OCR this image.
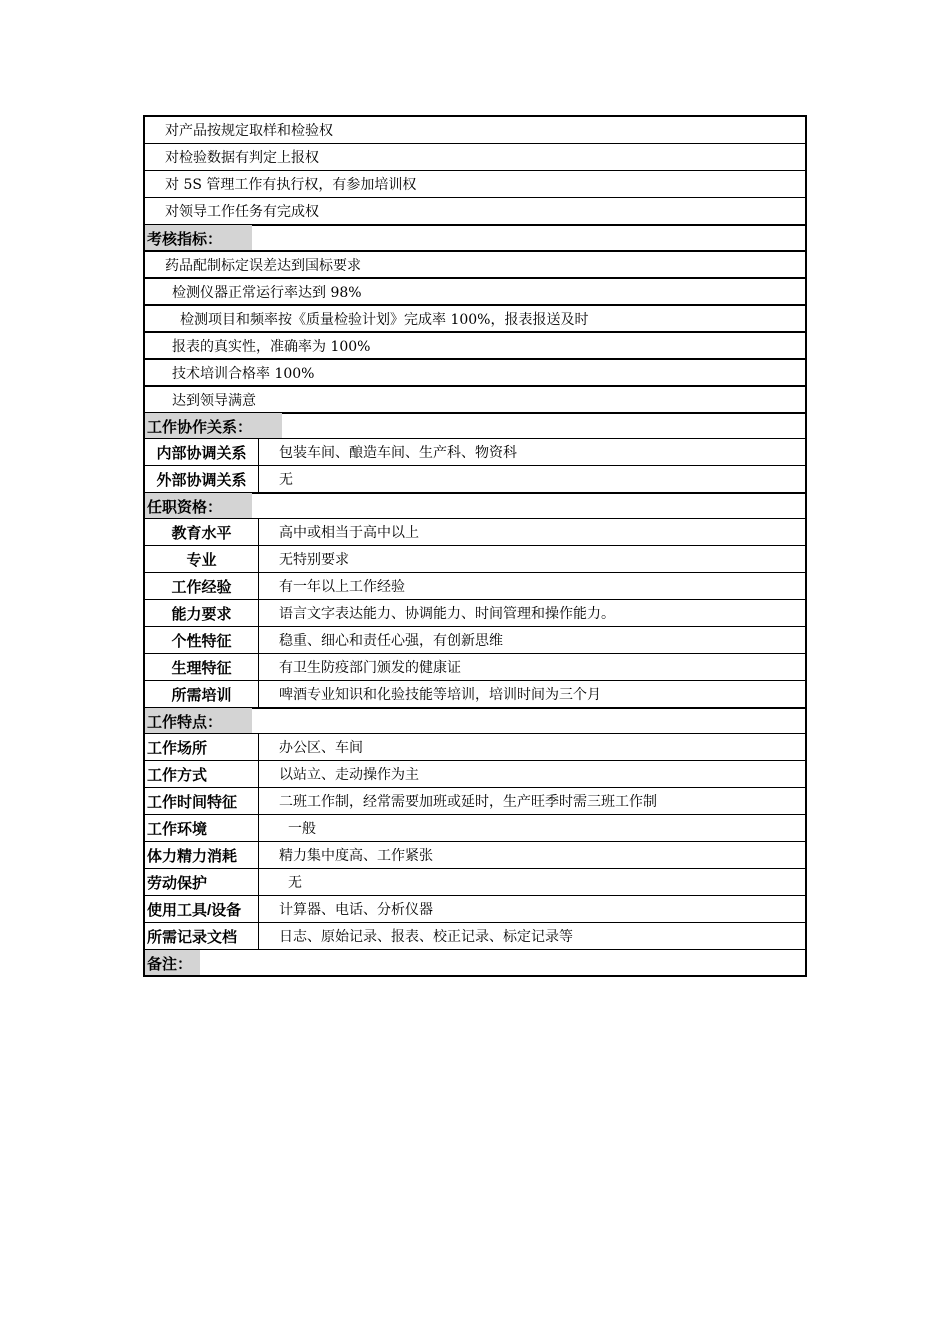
对产品按规定取样和检验权
对检验数据有判定上报权
对 5S 管理工作有执行权，有参加培训权
对领导工作任务有完成权
考核指标：
药品配制标定误差达到国标要求
检测仪器正常运行率达到 98%
检测项目和频率按《质量检验计划》完成率 100%，报表报送及时
报表的真实性，准确率为 100%
技术培训合格率 100%
达到领导满意
工作协作关系：
内部协调关系	包装车间、酿造车间、生产科、物资科
外部协调关系	无
任职资格：
教育水平	高中或相当于高中以上
专业	无特别要求
工作经验	有一年以上工作经验
能力要求	语言文字表达能力、协调能力、时间管理和操作能力。
个性特征	稳重、细心和责任心强，有创新思维
生理特征	有卫生防疫部门颁发的健康证
所需培训	啤酒专业知识和化验技能等培训，培训时间为三个月
工作特点：
工作场所	办公区、车间
工作方式	以站立、走动操作为主
工作时间特征	二班工作制，经常需要加班或延时，生产旺季时需三班工作制
工作环境	一般
体力精力消耗	精力集中度高、工作紧张
劳动保护	无
使用工具/设备	计算器、电话、分析仪器
所需记录文档	日志、原始记录、报表、校正记录、标定记录等
备注：
